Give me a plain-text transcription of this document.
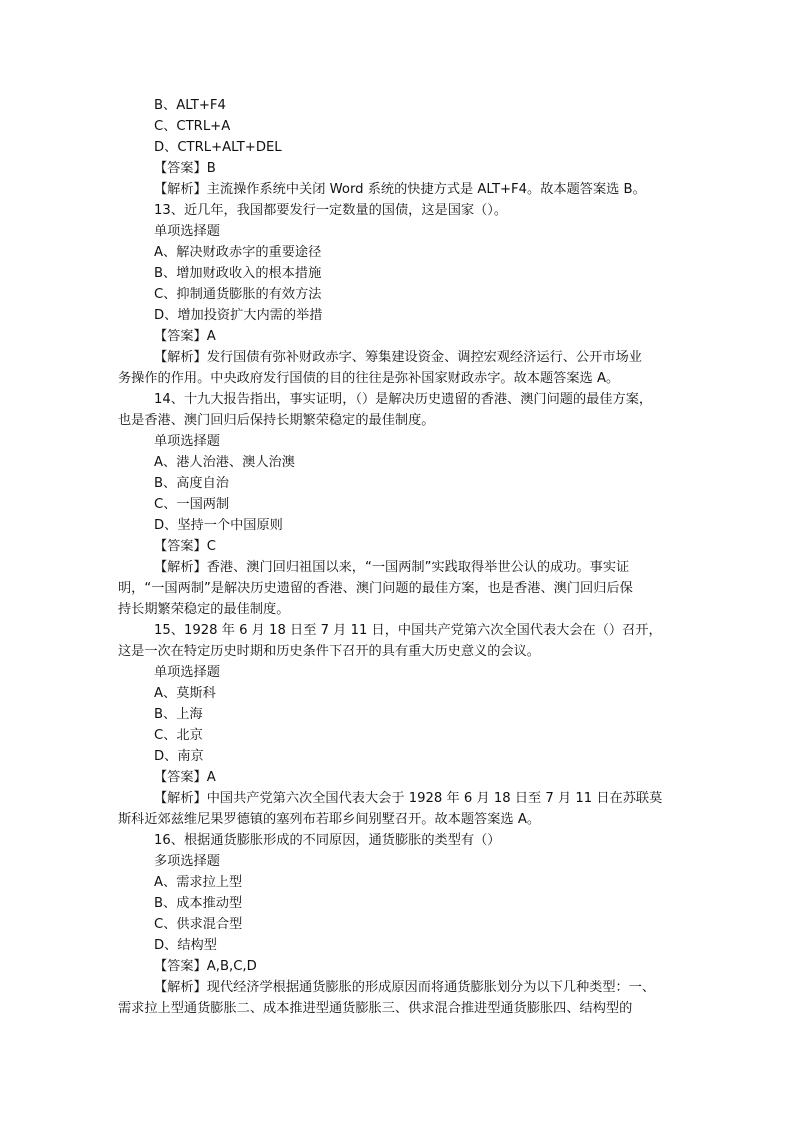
B、ALT+F4
C、CTRL+A
D、CTRL+ALT+DEL
【答案】B
【解析】主流操作系统中关闭 Word 系统的快捷方式是 ALT+F4。故本题答案选 B。
13、近几年，我国都要发行一定数量的国债，这是国家（）。
单项选择题
A、解决财政赤字的重要途径
B、增加财政收入的根本措施
C、抑制通货膨胀的有效方法
D、增加投资扩大内需的举措
【答案】A
【解析】发行国债有弥补财政赤字、筹集建设资金、调控宏观经济运行、公开市场业
务操作的作用。中央政府发行国债的目的往往是弥补国家财政赤字。故本题答案选 A。
14、十九大报告指出，事实证明，（）是解决历史遗留的香港、澳门问题的最佳方案，
也是香港、澳门回归后保持长期繁荣稳定的最佳制度。
单项选择题
A、港人治港、澳人治澳
B、高度自治
C、一国两制
D、坚持一个中国原则
【答案】C
【解析】香港、澳门回归祖国以来，“一国两制”实践取得举世公认的成功。事实证
明，“一国两制”是解决历史遗留的香港、澳门问题的最佳方案，也是香港、澳门回归后保
持长期繁荣稳定的最佳制度。
15、1928 年 6 月 18 日至 7 月 11 日，中国共产党第六次全国代表大会在（）召开，
这是一次在特定历史时期和历史条件下召开的具有重大历史意义的会议。
单项选择题
A、莫斯科
B、上海
C、北京
D、南京
【答案】A
【解析】中国共产党第六次全国代表大会于 1928 年 6 月 18 日至 7 月 11 日在苏联莫
斯科近郊兹维尼果罗德镇的塞列布若耶乡间别墅召开。故本题答案选 A。
16、根据通货膨胀形成的不同原因，通货膨胀的类型有（）
多项选择题
A、需求拉上型
B、成本推动型
C、供求混合型
D、结构型
【答案】A,B,C,D
【解析】现代经济学根据通货膨胀的形成原因而将通货膨胀划分为以下几种类型：一、
需求拉上型通货膨胀二、成本推进型通货膨胀三、供求混合推进型通货膨胀四、结构型的
